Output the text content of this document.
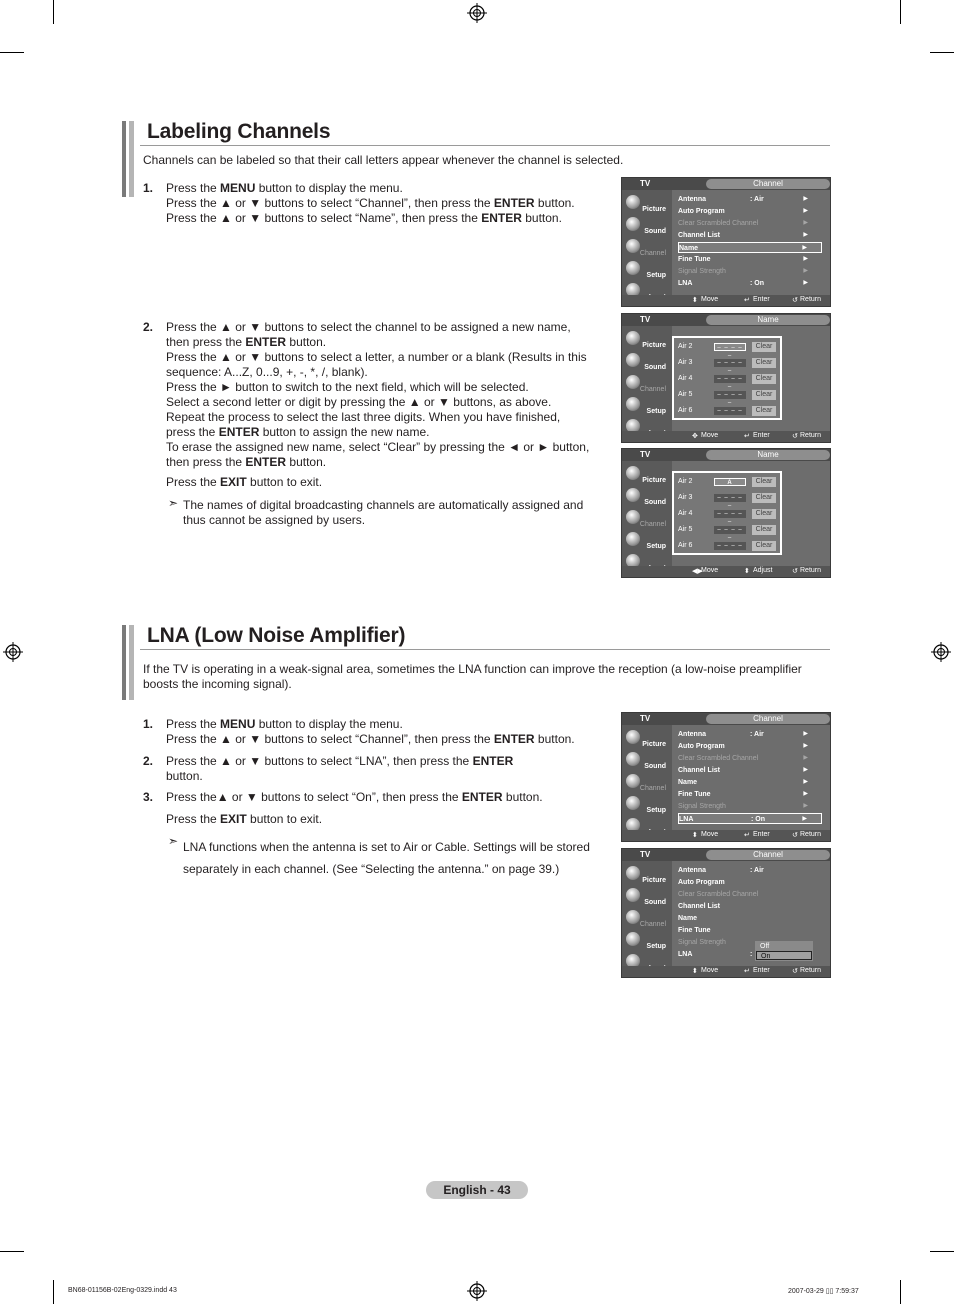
Labeling Channels
Channels can be labeled so that their call letters appear whenever the channel is selected.
1. Press the MENU button to display the menu.
Press the ▲ or ▼ buttons to select “Channel”, then press the ENTER button.
Press the ▲ or ▼ buttons to select “Name”, then press the ENTER button.
2. Press the ▲ or ▼ buttons to select the channel to be assigned a new name,
then press the ENTER button.
Press the ▲ or ▼ buttons to select a letter, a number or a blank (Results in this
sequence: A...Z, 0...9, +, -, *, /, blank).
Press the ► button to switch to the next field, which will be selected.
Select a second letter or digit by pressing the ▲ or ▼ buttons, as above.
Repeat the process to select the last three digits. When you have finished,
press the ENTER button to assign the new name.
To erase the assigned new name, select “Clear” by pressing the ◄ or ► button,
then press the ENTER button.
Press the EXIT button to exit.
➣ The names of digital broadcasting channels are automatically assigned and
thus cannot be assigned by users.
TV	Channel
Picture
Sound
Channel
Setup
Antenna	: Air	▶
Auto Program	▶
Clear Scrambled Channel	▶
Channel List	▶
Name	▶
Fine Tune	▶
Signal Strength	▶
LNA	: On	▶
⬍ Move	↵ Enter	↺ Return
TV	Name
Picture
Sound
Channel
Setup
Air 2	– – – – –
Clear
Air 3	– – – – –
Clear
Air 4	– – – – –
Clear
Air 5	– – – – –
Clear
Air 6	– – – – –
Clear
✥ Move	↵ Enter	↺ Return
TV	Name
Picture
Sound
Channel
Setup
Air 2	A	Clear
Air 3	– – – – –
Clear
Air 4	– – – – –
Clear
Air 5	– – – – –
Clear
Air 6	– – – – –
Clear
◀▶
Move	⬍ Adjust	↺ Return
LNA (Low Noise Amplifier)
If the TV is operating in a weak-signal area, sometimes the LNA function can improve the reception (a low-noise preamplifier
boosts the incoming signal).
1. Press the MENU button to display the menu.
Press the ▲ or ▼ buttons to select “Channel”, then press the ENTER button.
2. Press the ▲ or ▼ buttons to select “LNA”, then press the ENTER
button.
3. Press the▲ or ▼ buttons to select “On”, then press the ENTER button.
Press the EXIT button to exit.
➣ LNA functions when the antenna is set to Air or Cable. Settings will be stored
separately in each channel. (See “Selecting the antenna.” on page 39.)
TV	Channel
Picture
Sound
Channel
Setup
Antenna	: Air	▶
Auto Program	▶
Clear Scrambled Channel	▶
Channel List	▶
Name	▶
Fine Tune	▶
Signal Strength	▶
LNA	: On	▶
⬍ Move	↵ Enter	↺ Return
TV	Channel
Picture
Sound
Channel
Setup
Antenna	: Air
Auto Program
Clear Scrambled Channel
Channel List
Name
Fine Tune
Signal Strength
LNA	:
Off
On
⬍ Move	↵ Enter	↺ Return
English - 43
BN68-01156B-02Eng-0329.indd 43	2007-03-29 ▯▯ 7:59:37
